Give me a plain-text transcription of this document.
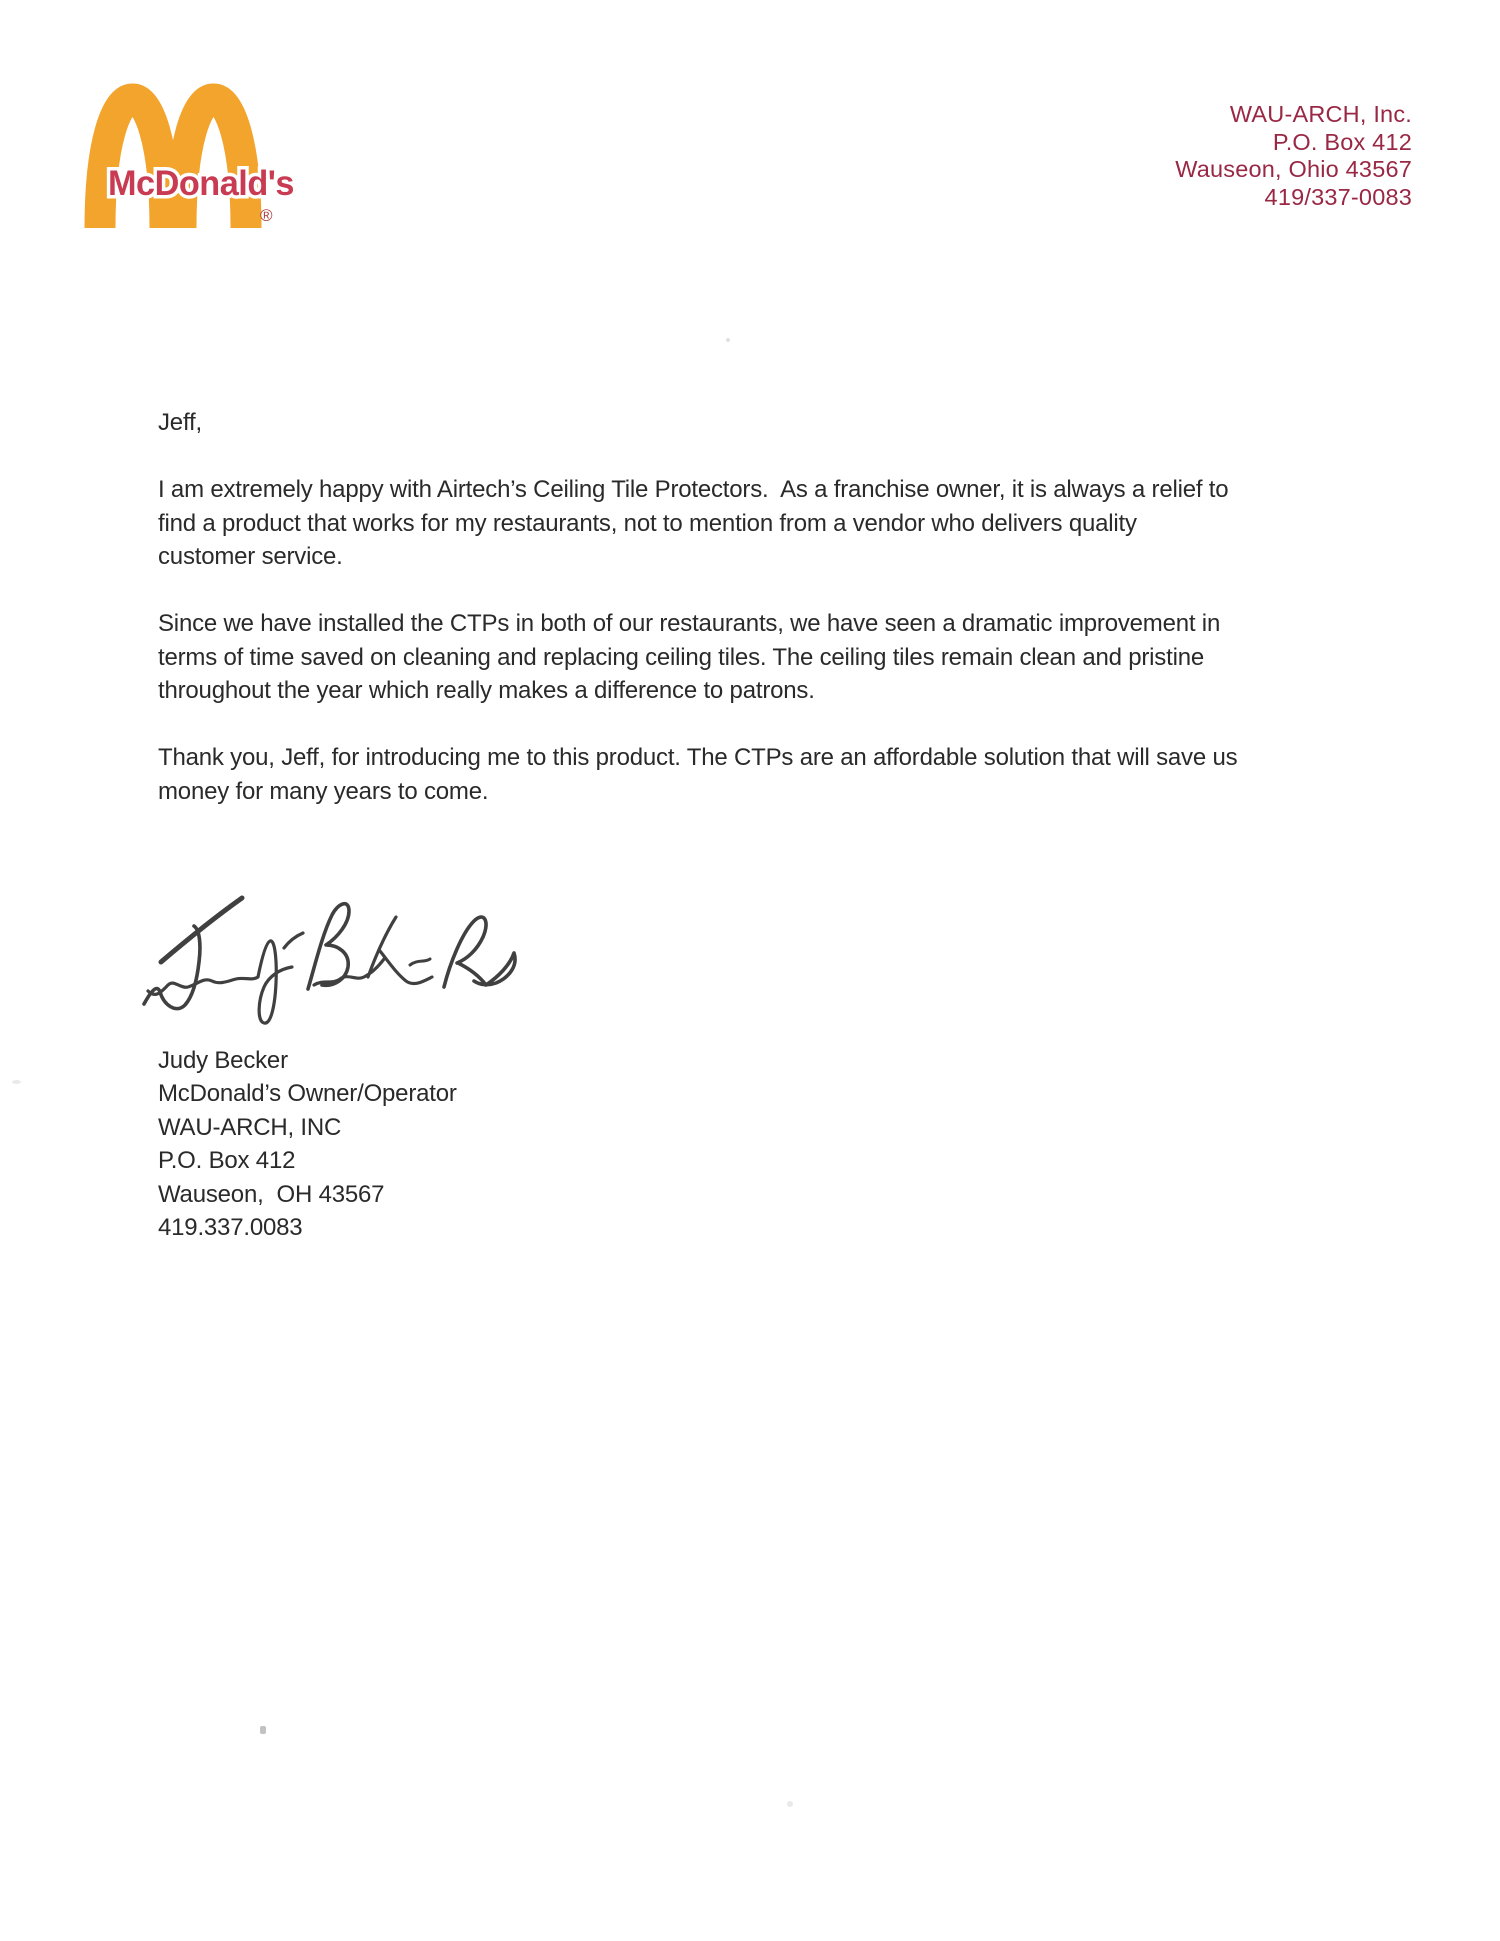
McDonald's
®
WAU-ARCH, Inc.
P.O. Box 412
Wauseon, Ohio 43567
419/337-0083
Jeff,
I am extremely happy with Airtech’s Ceiling Tile Protectors.  As a franchise owner, it is always a relief to
find a product that works for my restaurants, not to mention from a vendor who delivers quality
customer service.
Since we have installed the CTPs in both of our restaurants, we have seen a dramatic improvement in
terms of time saved on cleaning and replacing ceiling tiles. The ceiling tiles remain clean and pristine
throughout the year which really makes a difference to patrons.
Thank you, Jeff, for introducing me to this product. The CTPs are an affordable solution that will save us
money for many years to come.
Judy Becker
McDonald’s Owner/Operator
WAU-ARCH, INC
P.O. Box 412
Wauseon,  OH 43567
419.337.0083
